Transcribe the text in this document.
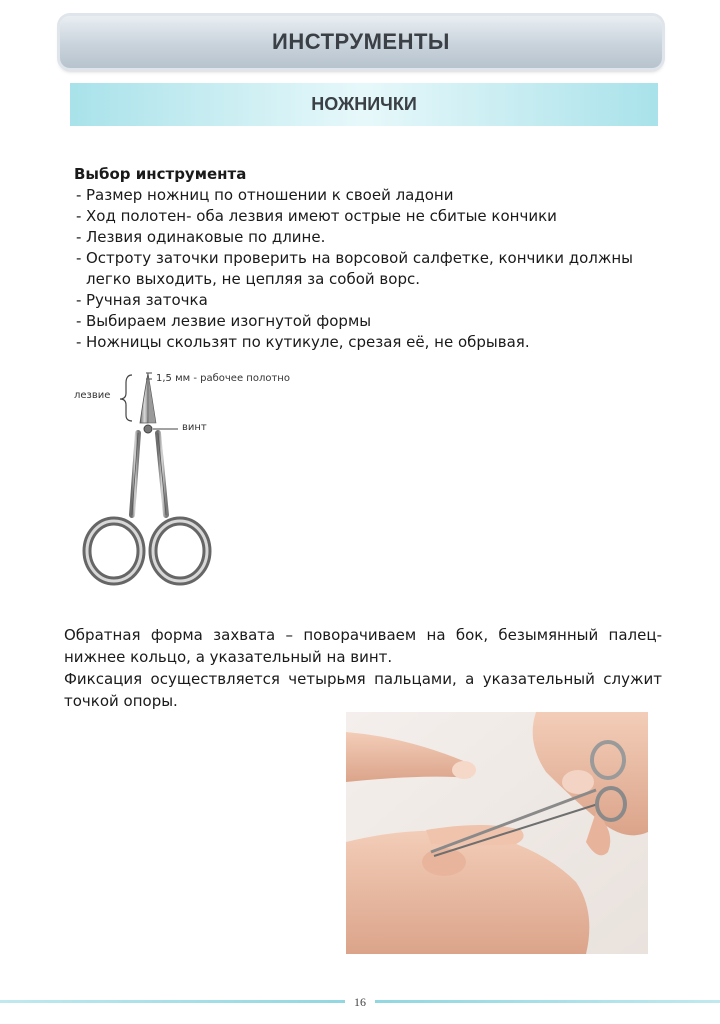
ИНСТРУМЕНТЫ
НОЖНИЧКИ
Выбор инструмента
- Размер ножниц по отношении к своей ладони
- Ход полотен- оба лезвия имеют острые не сбитые кончики
- Лезвия одинаковые по длине.
- Остроту заточки проверить на ворсовой салфетке, кончики должны легко выходить, не цепляя за собой ворс.
- Ручная заточка
- Выбираем лезвие изогнутой формы
- Ножницы скользят по кутикуле, срезая её, не обрывая.
лезвие
1,5 мм - рабочее полотно
винт

Обратная форма захвата – поворачиваем на бок, безымянный палец- нижнее кольцо, а указательный на винт.

Фиксация осуществляется четырьмя пальцами, а указательный служит точкой опоры.

16
